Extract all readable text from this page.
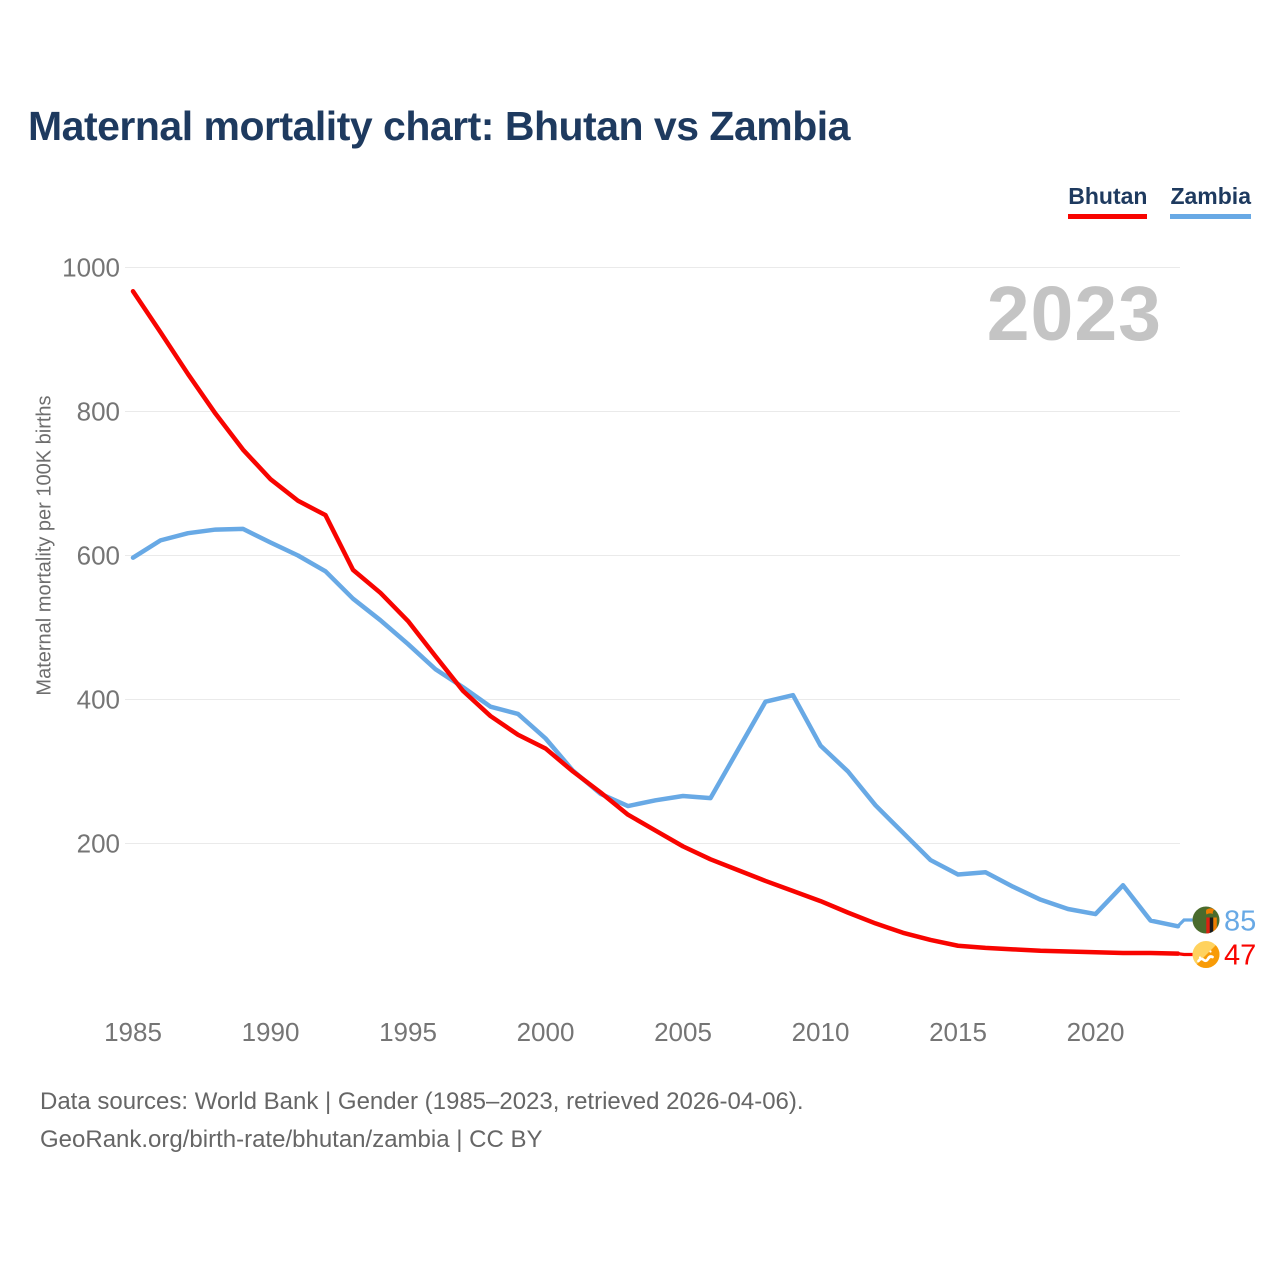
Maternal mortality chart: Bhutan vs Zambia
Bhutan Zambia
2023
Maternal mortality per 100K births
85
47
1985	1990	1995	2000	2005	2010	2015	2020
200
400
600
800
1000
Data sources: World Bank | Gender (1985–2023, retrieved 2026-04-06).
GeoRank.org/birth-rate/bhutan/zambia | CC BY
